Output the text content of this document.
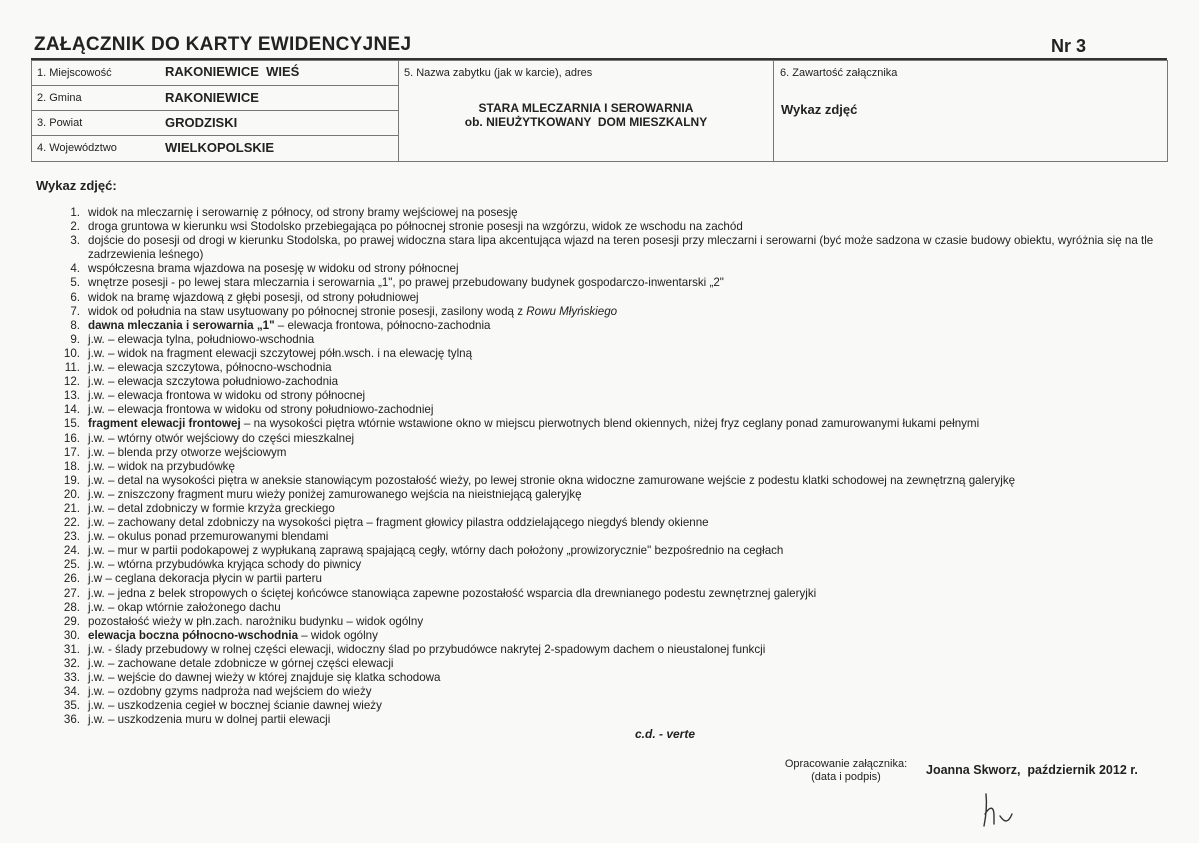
ZAŁĄCZNIK DO KARTY EWIDENCYJNEJ	Nr 3
1. Miejscowość	RAKONIEWICE  WIEŚ
2. Gmina	RAKONIEWICE
3. Powiat	GRODZISKI
4. Województwo	WIELKOPOLSKIE
5. Nazwa zabytku (jak w karcie), adres
STARA MLECZARNIA I SEROWARNIA
ob. NIEUŻYTKOWANY  DOM MIESZKALNY
6. Zawartość załącznika
Wykaz zdjęć
Wykaz zdjęć:
1. widok na mleczarnię i serowarnię z północy, od strony bramy wejściowej na posesję
2. droga gruntowa w kierunku wsi Stodolsko przebiegająca po północnej stronie posesji na wzgórzu, widok ze wschodu na zachód
3. dojście do posesji od drogi w kierunku Stodolska, po prawej widoczna stara lipa akcentująca wjazd na teren posesji przy mleczarni i serowarni (być może sadzona w czasie budowy obiektu, wyróżnia się na tle zadrzewienia leśnego)
4. współczesna brama wjazdowa na posesję w widoku od strony północnej
5. wnętrze posesji - po lewej stara mleczarnia i serowarnia „1", po prawej przebudowany budynek gospodarczo-inwentarski „2"
6. widok na bramę wjazdową z głębi posesji, od strony południowej
7. widok od południa na staw usytuowany po północnej stronie posesji, zasilony wodą z Rowu Młyńskiego
8. dawna mleczania i serowarnia „1" – elewacja frontowa, północno-zachodnia
9. j.w. – elewacja tylna, południowo-wschodnia
10. j.w. – widok na fragment elewacji szczytowej półn.wsch. i na elewację tylną
11. j.w. – elewacja szczytowa, północno-wschodnia
12. j.w. – elewacja szczytowa południowo-zachodnia
13. j.w. – elewacja frontowa w widoku od strony północnej
14. j.w. – elewacja frontowa w widoku od strony południowo-zachodniej
15. fragment elewacji frontowej – na wysokości piętra wtórnie wstawione okno w miejscu pierwotnych blend okiennych, niżej fryz ceglany ponad zamurowanymi łukami pełnymi
16. j.w. – wtórny otwór wejściowy do części mieszkalnej
17. j.w. – blenda przy otworze wejściowym
18. j.w. – widok na przybudówkę
19. j.w. – detal na wysokości piętra w aneksie stanowiącym pozostałość wieży, po lewej stronie okna widoczne zamurowane wejście z podestu klatki schodowej na zewnętrzną galeryjkę
20. j.w. – zniszczony fragment muru wieży poniżej zamurowanego wejścia na nieistniejącą galeryjkę
21. j.w. – detal zdobniczy w formie krzyża greckiego
22. j.w. – zachowany detal zdobniczy na wysokości piętra – fragment głowicy pilastra oddzielającego niegdyś blendy okienne
23. j.w. – okulus ponad przemurowanymi blendami
24. j.w. – mur w partii podokapowej z wypłukaną zaprawą spajającą cegły, wtórny dach położony „prowizorycznie" bezpośrednio na cegłach
25. j.w. – wtórna przybudówka kryjąca schody do piwnicy
26. j.w – ceglana dekoracja płycin w partii parteru
27. j.w. – jedna z belek stropowych o ściętej końcówce stanowiąca zapewne pozostałość wsparcia dla drewnianego podestu zewnętrznej galeryjki
28. j.w. – okap wtórnie założonego dachu
29. pozostałość wieży w płn.zach. narożniku budynku – widok ogólny
30. elewacja boczna północno-wschodnia – widok ogólny
31. j.w. - ślady przebudowy w rolnej części elewacji, widoczny ślad po przybudówce nakrytej 2-spadowym dachem o nieustalonej funkcji
32. j.w. – zachowane detale zdobnicze w górnej części elewacji
33. j.w. – wejście do dawnej wieży w której znajduje się klatka schodowa
34. j.w. – ozdobny gzyms nadproża nad wejściem do wieży
35. j.w. – uszkodzenia cegieł w bocznej ścianie dawnej wieży
36. j.w. – uszkodzenia muru w dolnej partii elewacji
c.d. - verte
Opracowanie załącznika:
(data i podpis)	Joanna Skworz,  październik 2012 r.
